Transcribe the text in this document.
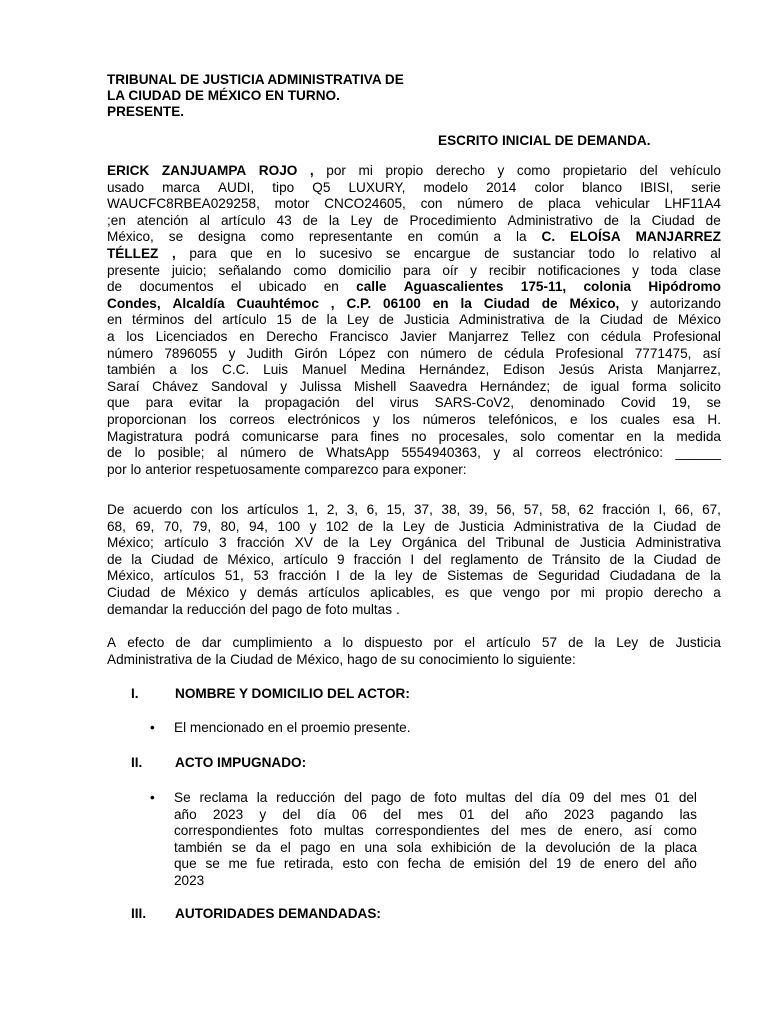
TRIBUNAL DE JUSTICIA ADMINISTRATIVA DE
LA CIUDAD DE MÉXICO EN TURNO.
PRESENTE.
ESCRITO INICIAL DE DEMANDA.
ERICK ZANJUAMPA ROJO , por mi propio derecho y como propietario del vehículo
usado marca AUDI, tipo Q5 LUXURY, modelo 2014 color blanco IBISI, serie
WAUCFC8RBEA029258, motor CNCO24605, con número de placa vehicular LHF11A4
;en atención al artículo 43 de la Ley de Procedimiento Administrativo de la Ciudad de
México, se designa como representante en común a la C. ELOÍSA MANJARREZ
TÉLLEZ , para que en lo sucesivo se encargue de sustanciar todo lo relativo al
presente juicio; señalando como domicilio para oír y recibir notificaciones y toda clase
de documentos el ubicado en calle Aguascalientes 175-11, colonia Hipódromo
Condes, Alcaldía Cuauhtémoc , C.P. 06100 en la Ciudad de México, y autorizando
en términos del artículo 15 de la Ley de Justicia Administrativa de la Ciudad de México
a los Licenciados en Derecho Francisco Javier Manjarrez Tellez con cédula Profesional
número 7896055 y Judith Girón López con número de cédula Profesional 7771475, así
también a los C.C. Luis Manuel Medina Hernández, Edison Jesús Arista Manjarrez,
Saraí Chávez Sandoval y Julissa Mishell Saavedra Hernández; de igual forma solicito
que para evitar la propagación del virus SARS-CoV2, denominado Covid 19, se
proporcionan los correos electrónicos y los números telefónicos, e los cuales esa H.
Magistratura podrá comunicarse para fines no procesales, solo comentar en la medida
de lo posible; al número de WhatsApp 5554940363, y al correos electrónico: ______
por lo anterior respetuosamente comparezco para exponer:
De acuerdo con los artículos 1, 2, 3, 6, 15, 37, 38, 39, 56, 57, 58, 62 fracción I, 66, 67,
68, 69, 70, 79, 80, 94, 100 y 102 de la Ley de Justicia Administrativa de la Ciudad de
México; artículo 3 fracción XV de la Ley Orgánica del Tribunal de Justicia Administrativa
de la Ciudad de México, artículo 9 fracción I del reglamento de Tránsito de la Ciudad de
México, artículos 51, 53 fracción I de la ley de Sistemas de Seguridad Ciudadana de la
Ciudad de México y demás artículos aplicables, es que vengo por mi propio derecho a
demandar la reducción del pago de foto multas .
A efecto de dar cumplimiento a lo dispuesto por el artículo 57 de la Ley de Justicia
Administrativa de la Ciudad de México, hago de su conocimiento lo siguiente:
I.	NOMBRE Y DOMICILIO DEL ACTOR:
• El mencionado en el proemio presente.
II. ACTO IMPUGNADO:
• Se reclama la reducción del pago de foto multas del día 09 del mes 01 del
año 2023 y del día 06 del mes 01 del año 2023 pagando las
correspondientes foto multas correspondientes del mes de enero, así como
también se da el pago en una sola exhibición de la devolución de la placa
que se me fue retirada, esto con fecha de emisión del 19 de enero del año
2023
III. AUTORIDADES DEMANDADAS:
